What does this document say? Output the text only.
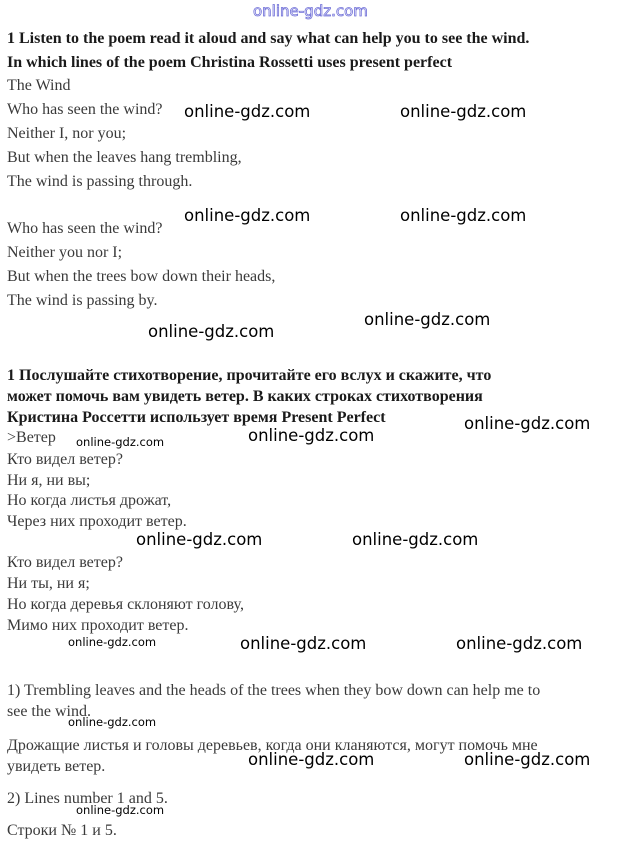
online-gdz.com

1 Listen to the poem read it aloud and say what can help you to see the wind.

In which lines of the poem Christina Rossetti uses present perfect

The Wind

Who has seen the wind?

Neither I, nor you;

But when the leaves hang trembling,

The wind is passing through.

Who has seen the wind?

Neither you nor I;

But when the trees bow down their heads,

The wind is passing by.

1 Послушайте стихотворение, прочитайте его вслух и скажите, что

может помочь вам увидеть ветер. В каких строках стихотворения

Кристина Россетти использует время Present Perfect

>Ветер

Кто видел ветер?

Ни я, ни вы;

Но когда листья дрожат,

Через них проходит ветер.

Кто видел ветер?

Ни ты, ни я;

Но когда деревья склоняют голову,

Мимо них проходит ветер.

1) Trembling leaves and the heads of the trees when they bow down can help me to

see the wind.

Дрожащие листья и головы деревьев, когда они кланяются, могут помочь мне

увидеть ветер.

2) Lines number 1 and 5.

Строки № 1 и 5.

online-gdz.com	online-gdz.com
online-gdz.com	online-gdz.com
online-gdz.com
online-gdz.com
online-gdz.com
online-gdz.com
online-gdz.com
online-gdz.com	online-gdz.com
online-gdz.com	online-gdz.com	online-gdz.com
online-gdz.com
online-gdz.com	online-gdz.com
online-gdz.com
